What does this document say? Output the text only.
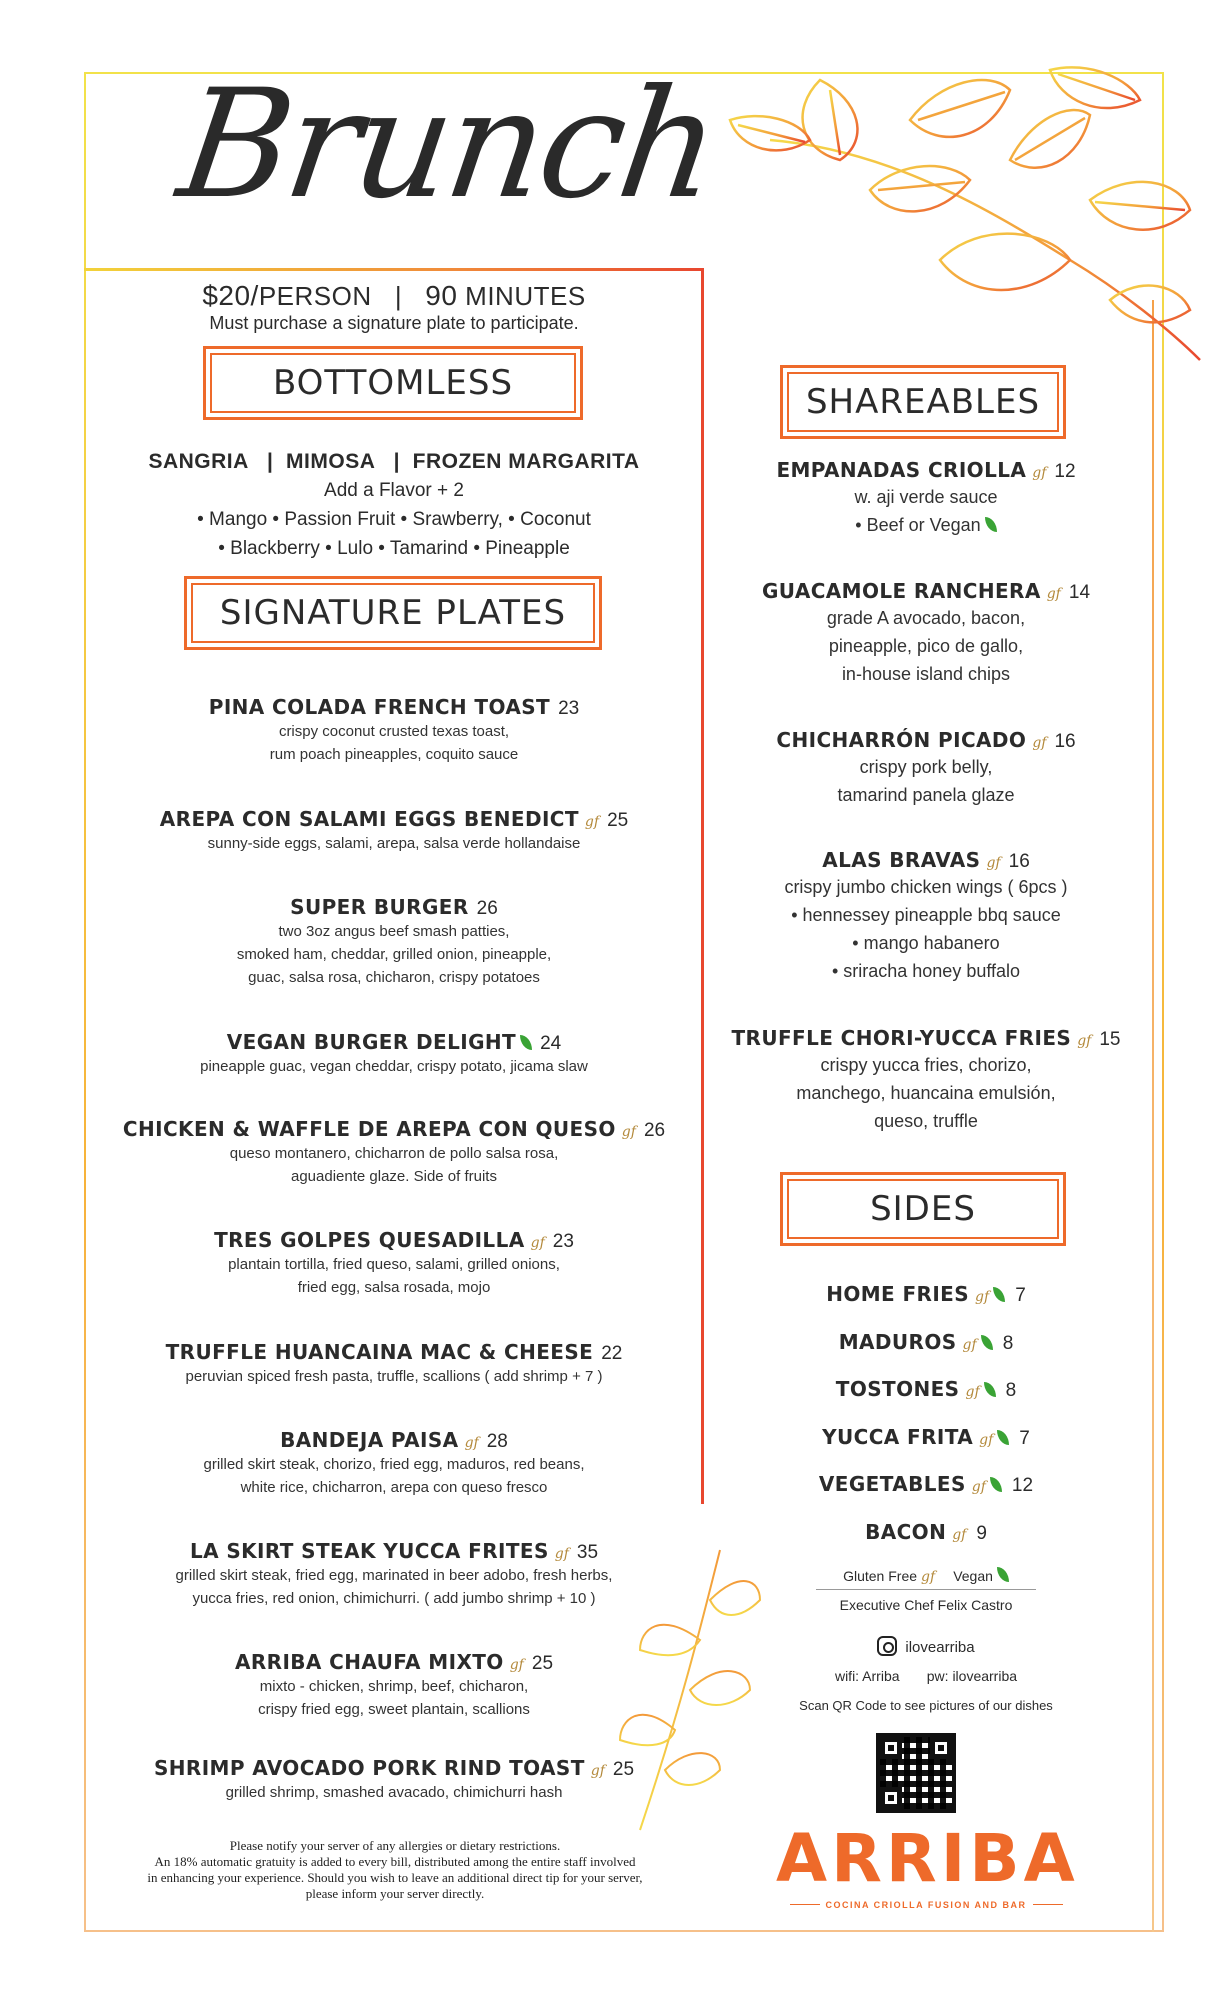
Brunch
$20/PERSON | 90 MINUTES
Must purchase a signature plate to participate.
BOTTOMLESS
SANGRIA   |  MIMOSA   |  FROZEN MARGARITA
Add a Flavor + 2
• Mango • Passion Fruit • Srawberry, • Coconut
• Blackberry • Lulo • Tamarind • Pineapple
SIGNATURE PLATES
PINA COLADA FRENCH TOAST 23
crispy coconut crusted texas toast,
rum poach pineapples, coquito sauce
AREPA CON SALAMI EGGS BENEDICT gf 25
sunny-side eggs, salami, arepa, salsa verde hollandaise
SUPER BURGER 26
two 3oz angus beef smash patties,
smoked ham, cheddar, grilled onion, pineapple,
guac, salsa rosa, chicharon, crispy potatoes
VEGAN BURGER DELIGHT 24
pineapple guac, vegan cheddar, crispy potato, jicama slaw
CHICKEN & WAFFLE DE AREPA CON QUESO gf 26
queso montanero, chicharron de pollo salsa rosa,
aguadiente glaze. Side of fruits
TRES GOLPES QUESADILLA gf 23
plantain tortilla, fried queso, salami, grilled onions,
fried egg, salsa rosada, mojo
TRUFFLE HUANCAINA MAC & CHEESE 22
peruvian spiced fresh pasta, truffle, scallions ( add shrimp + 7 )
BANDEJA PAISA gf 28
grilled skirt steak, chorizo, fried egg, maduros, red beans,
white rice, chicharron, arepa con queso fresco
LA SKIRT STEAK YUCCA FRITES gf 35
grilled skirt steak, fried egg, marinated in beer adobo, fresh herbs,
yucca fries, red onion, chimichurri. ( add jumbo shrimp + 10 )
ARRIBA CHAUFA MIXTO gf 25
mixto - chicken, shrimp, beef, chicharon,
crispy fried egg, sweet plantain, scallions
SHRIMP AVOCADO PORK RIND TOAST gf 25
grilled shrimp, smashed avacado, chimichurri hash
Please notify your server of any allergies or dietary restrictions.
An 18% automatic gratuity is added to every bill, distributed among the entire staff involved
in enhancing your experience. Should you wish to leave an additional direct tip for your server,
please inform your server directly.
SHAREABLES
EMPANADAS CRIOLLA gf 12
w. aji verde sauce
• Beef or Vegan
GUACAMOLE RANCHERA gf 14
grade A avocado, bacon,
pineapple, pico de gallo,
in-house island chips
CHICHARRÓN PICADO gf 16
crispy pork belly,
tamarind panela glaze
ALAS BRAVAS gf 16
crispy jumbo chicken wings ( 6pcs )
• hennessey pineapple bbq sauce
• mango habanero
• sriracha honey buffalo
TRUFFLE CHORI-YUCCA FRIES gf 15
crispy yucca fries, chorizo,
manchego, huancaina emulsión,
queso, truffle
SIDES
HOME FRIES gf 7
MADUROS gf 8
TOSTONES gf 8
YUCCA FRITA gf 7
VEGETABLES gf 12
BACON gf 9
Gluten Free gf Vegan
Executive Chef Felix Castro
ilovearriba
wifi: Arriba pw: ilovearriba
Scan QR Code to see pictures of our dishes
ARRIBA
COCINA CRIOLLA FUSION AND BAR
